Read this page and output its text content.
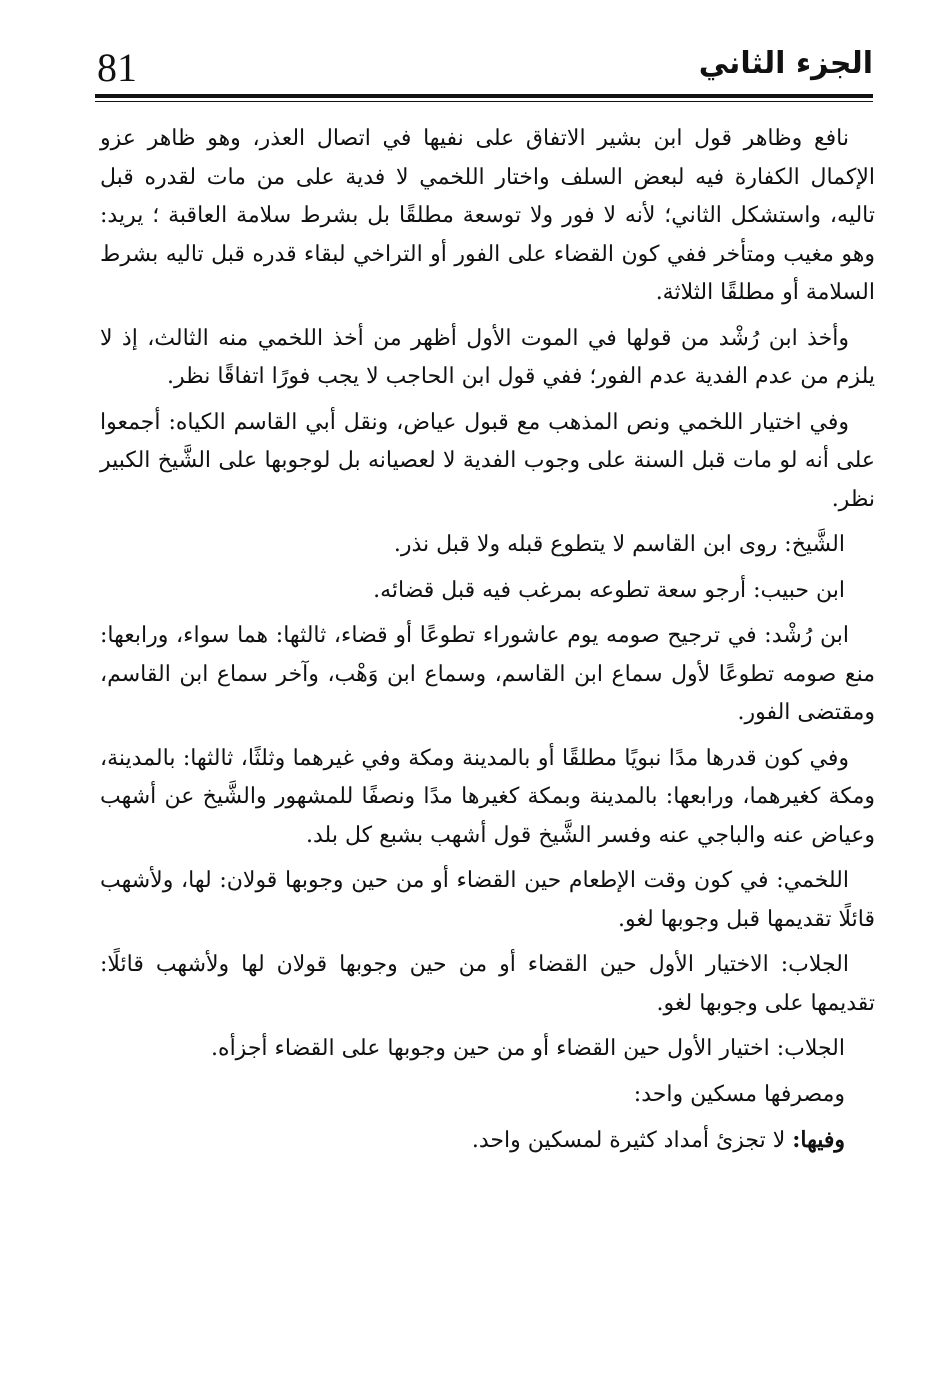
81	الجزء الثاني

نافع وظاهر قول ابن بشير الاتفاق على نفيها في اتصال العذر، وهو ظاهر عزو الإكمال الكفارة فيه لبعض السلف واختار اللخمي لا فدية على من مات لقدره قبل تاليه، واستشكل الثاني؛ لأنه لا فور ولا توسعة مطلقًا بل بشرط سلامة العاقبة ؛ يريد: وهو مغيب ومتأخر ففي كون القضاء على الفور أو التراخي لبقاء قدره قبل تاليه بشرط السلامة أو مطلقًا الثلاثة.

وأخذ ابن رُشْد من قولها في الموت الأول أظهر من أخذ اللخمي منه الثالث، إذ لا يلزم من عدم الفدية عدم الفور؛ ففي قول ابن الحاجب لا يجب فورًا اتفاقًا نظر.

وفي اختيار اللخمي ونص المذهب مع قبول عياض، ونقل أبي القاسم الكياه: أجمعوا على أنه لو مات قبل السنة على وجوب الفدية لا لعصيانه بل لوجوبها على الشَّيخ الكبير نظر.

الشَّيخ: روى ابن القاسم لا يتطوع قبله ولا قبل نذر.

ابن حبيب: أرجو سعة تطوعه بمرغب فيه قبل قضائه.

ابن رُشْد: في ترجيح صومه يوم عاشوراء تطوعًا أو قضاء، ثالثها: هما سواء، ورابعها: منع صومه تطوعًا لأول سماع ابن القاسم، وسماع ابن وَهْب، وآخر سماع ابن القاسم، ومقتضى الفور.

وفي كون قدرها مدًا نبويًا مطلقًا أو بالمدينة ومكة وفي غيرهما وثلثًا، ثالثها: بالمدينة، ومكة كغيرهما، ورابعها: بالمدينة وبمكة كغيرها مدًا ونصفًا للمشهور والشَّيخ عن أشهب وعياض عنه والباجي عنه وفسر الشَّيخ قول أشهب بشبع كل بلد.

اللخمي: في كون وقت الإطعام حين القضاء أو من حين وجوبها قولان: لها، ولأشهب قائلًا تقديمها قبل وجوبها لغو.

الجلاب: الاختيار الأول حين القضاء أو من حين وجوبها قولان لها ولأشهب قائلًا: تقديمها على وجوبها لغو.

الجلاب: اختيار الأول حين القضاء أو من حين وجوبها على القضاء أجزأه.

ومصرفها مسكين واحد:

وفيها: لا تجزئ أمداد كثيرة لمسكين واحد.
